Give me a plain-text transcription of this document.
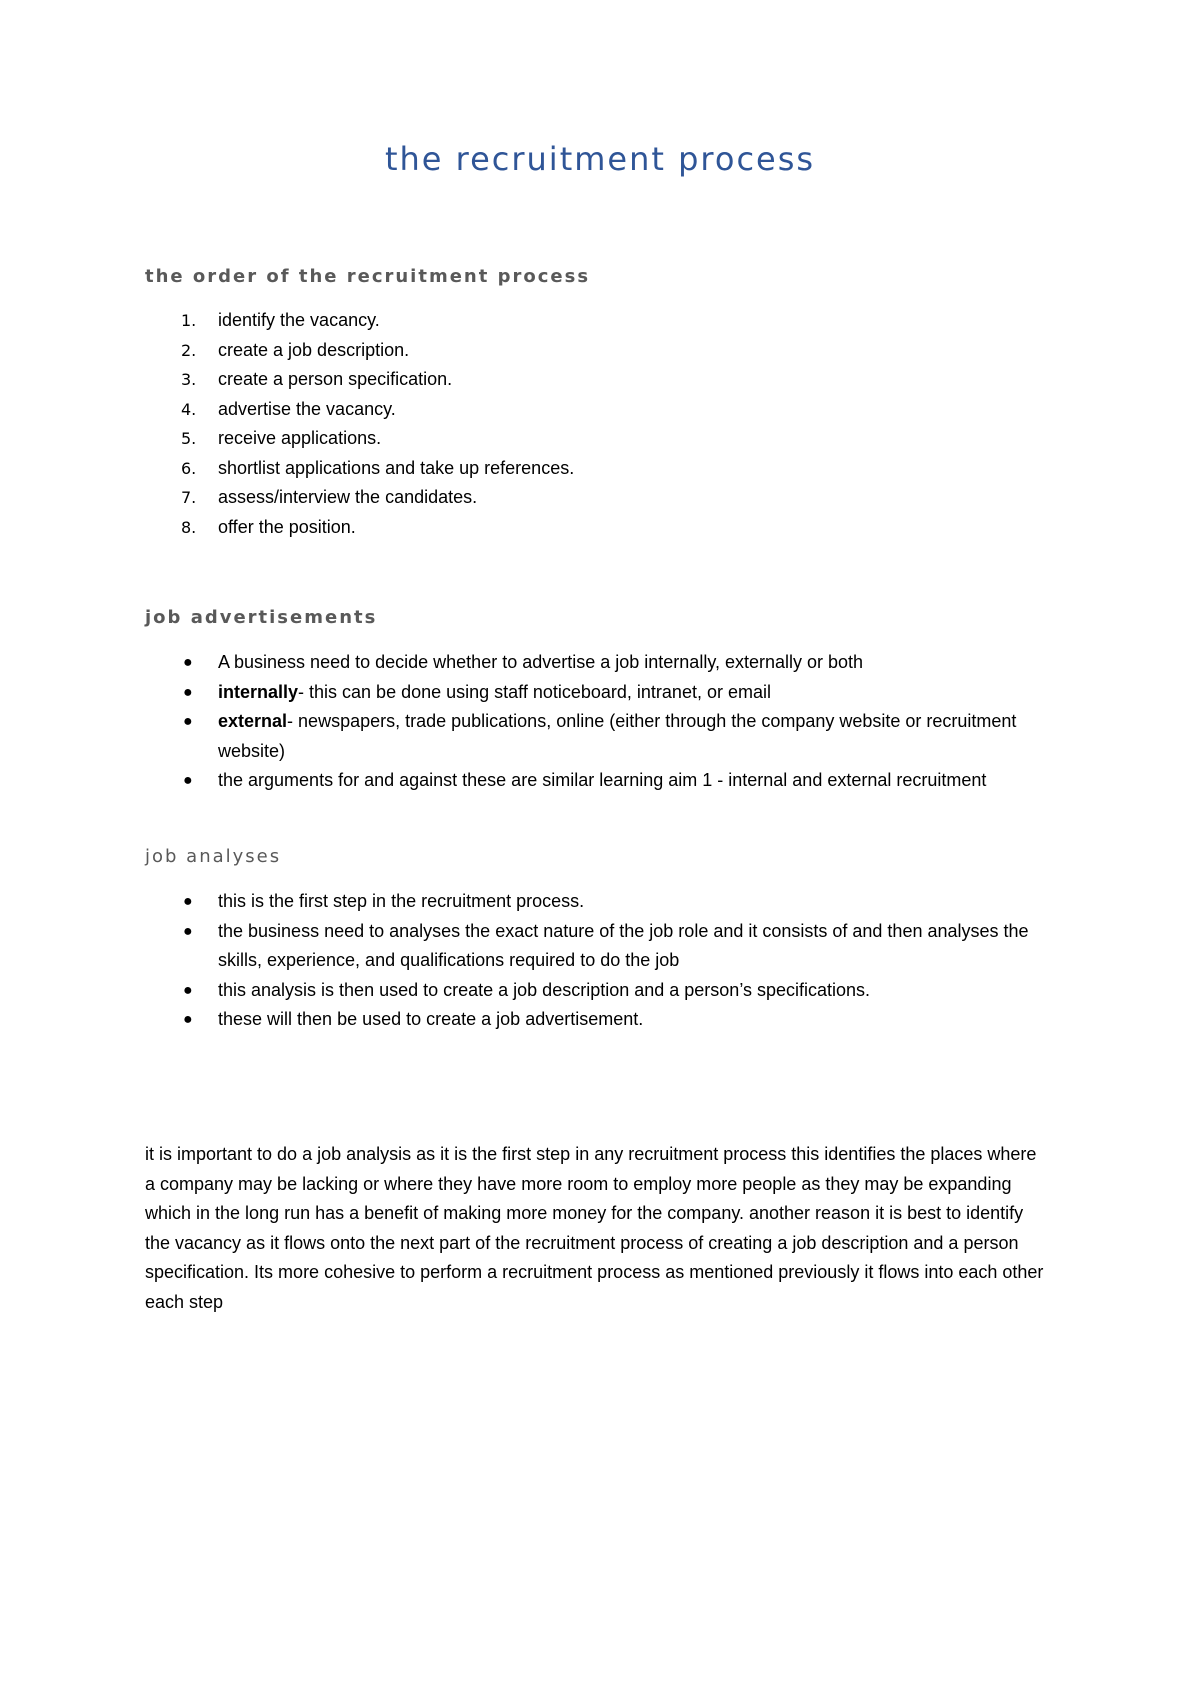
the recruitment process
the order of the recruitment process
1. identify the vacancy.
2. create a job description.
3. create a person specification.
4. advertise the vacancy.
5. receive applications.
6. shortlist applications and take up references.
7. assess/interview the candidates.
8. offer the position.
job advertisements
● A business need to decide whether to advertise a job internally, externally or both
● internally- this can be done using staff noticeboard, intranet, or email
● external- newspapers, trade publications, online (either through the company website or recruitment website)
● the arguments for and against these are similar learning aim 1 - internal and external recruitment
job analyses
● this is the first step in the recruitment process.
● the business need to analyses the exact nature of the job role and it consists of and then analyses the skills, experience, and qualifications required to do the job
● this analysis is then used to create a job description and a person’s specifications.
● these will then be used to create a job advertisement.

it is important to do a job analysis as it is the first step in any recruitment process this identifies the places where a company may be lacking or where they have more room to employ more people as they may be expanding which in the long run has a benefit of making more money for the company. another reason it is best to identify the vacancy as it flows onto the next part of the recruitment process of creating a job description and a person specification. Its more cohesive to perform a recruitment process as mentioned previously it flows into each other each step
